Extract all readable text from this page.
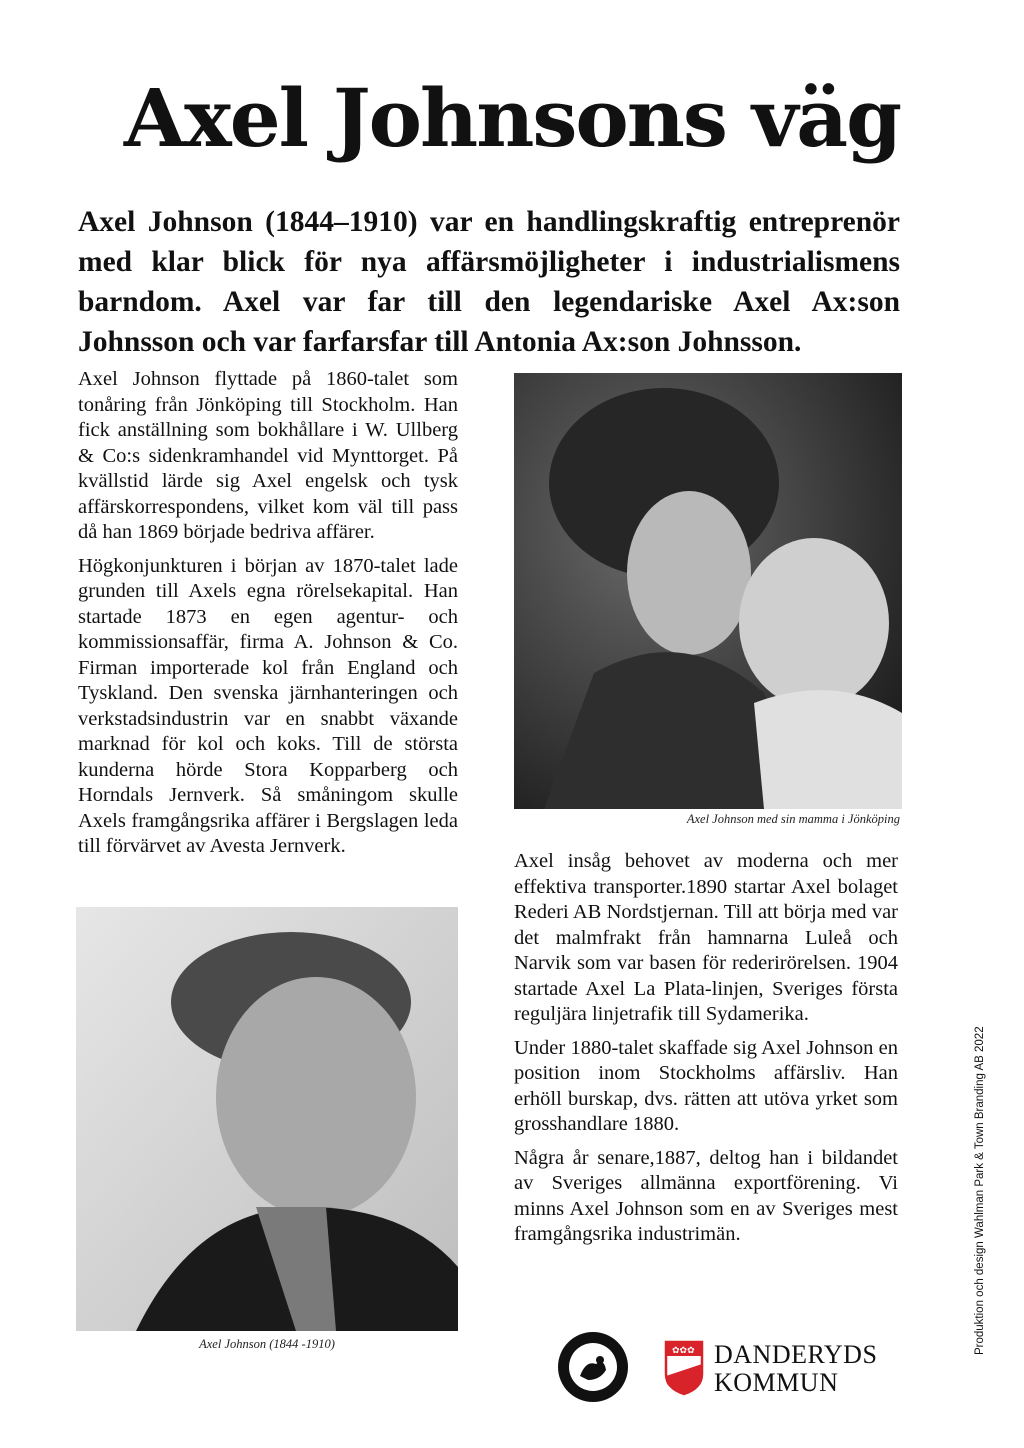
Axel Johnsons väg

Axel Johnson (1844–1910) var en handlingskraftig entreprenör med klar blick för nya affärsmöjligheter i industrialismens barndom. Axel var far till den legendariske Axel Ax:son Johnsson och var farfarsfar till Antonia Ax:son Johnsson.

Axel Johnson flyttade på 1860-talet som tonåring från Jönköping till Stockholm. Han fick anställning som bokhållare i W. Ullberg & Co:s sidenkramhandel vid Mynttorget. På kvällstid lärde sig Axel engelsk och tysk affärskorrespondens, vilket kom väl till pass då han 1869 började bedriva affärer.

Högkonjunkturen i början av 1870-talet lade grunden till Axels egna rörelsekapital. Han startade 1873 en egen agentur- och kommissionsaffär, firma A. Johnson & Co. Firman importerade kol från England och Tyskland. Den svenska järnhanteringen och verkstadsindustrin var en snabbt växande marknad för kol och koks. Till de största kunderna hörde Stora Kopparberg och Horndals Jernverk. Så småningom skulle Axels framgångsrika affärer i Bergslagen leda till förvärvet av Avesta Jernverk.

Axel Johnson med sin mamma i Jönköping
Axel Johnson (1844 -1910)

Axel insåg behovet av moderna och mer effektiva transporter.1890 startar Axel bolaget Rederi AB Nordstjernan. Till att börja med var det malmfrakt från hamnarna Luleå och Narvik som var basen för rederirörelsen. 1904 startade Axel La Plata-linjen, Sveriges första reguljära linjetrafik till Sydamerika.

Under 1880-talet skaffade sig Axel Johnson en position inom Stockholms affärsliv. Han erhöll burskap, dvs. rätten att utöva yrket som grosshandlare 1880.

Några år senare,1887, deltog han i bildandet av Sveriges allmänna exportförening. Vi minns Axel Johnson som en av Sveriges mest framgångsrika industrimän.	Produktion och design Wahlman Park & Town Branding AB 2022
✿✿✿ DANDERYDS
KOMMUN
